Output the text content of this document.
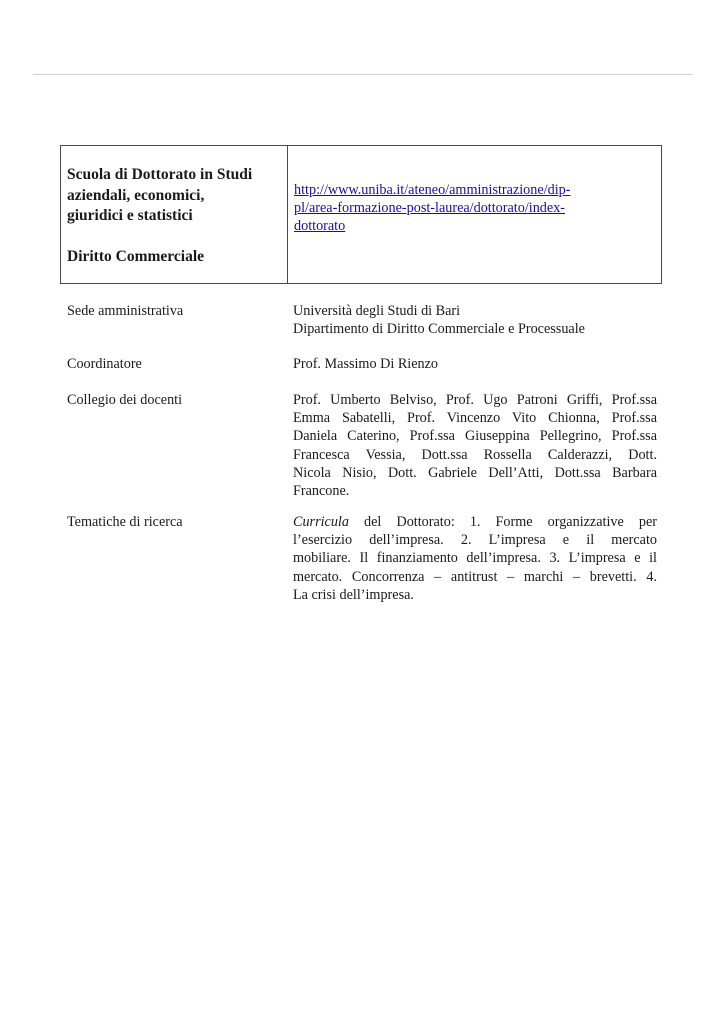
Scuola di Dottorato in Studi
aziendali, economici,
giuridici e statistici
Diritto Commerciale
http://www.uniba.it/ateneo/amministrazione/dip-
pl/area-formazione-post-laurea/dottorato/index-
dottorato
Sede amministrativa	Università degli Studi di Bari
Dipartimento di Diritto Commerciale e Processuale
Coordinatore	Prof. Massimo Di Rienzo
Collegio dei docenti	Prof. Umberto Belviso, Prof. Ugo Patroni Griffi, Prof.ssa
Emma Sabatelli, Prof. Vincenzo Vito Chionna, Prof.ssa
Daniela Caterino, Prof.ssa Giuseppina Pellegrino, Prof.ssa
Francesca Vessia, Dott.ssa Rossella Calderazzi, Dott.
Nicola Nisio, Dott. Gabriele Dell’Atti, Dott.ssa Barbara
Francone.
Tematiche di ricerca	Curricula del Dottorato: 1. Forme organizzative per
l’esercizio dell’impresa. 2. L’impresa e il mercato
mobiliare. Il finanziamento dell’impresa. 3. L’impresa e il
mercato. Concorrenza – antitrust – marchi – brevetti. 4.
La crisi dell’impresa.
